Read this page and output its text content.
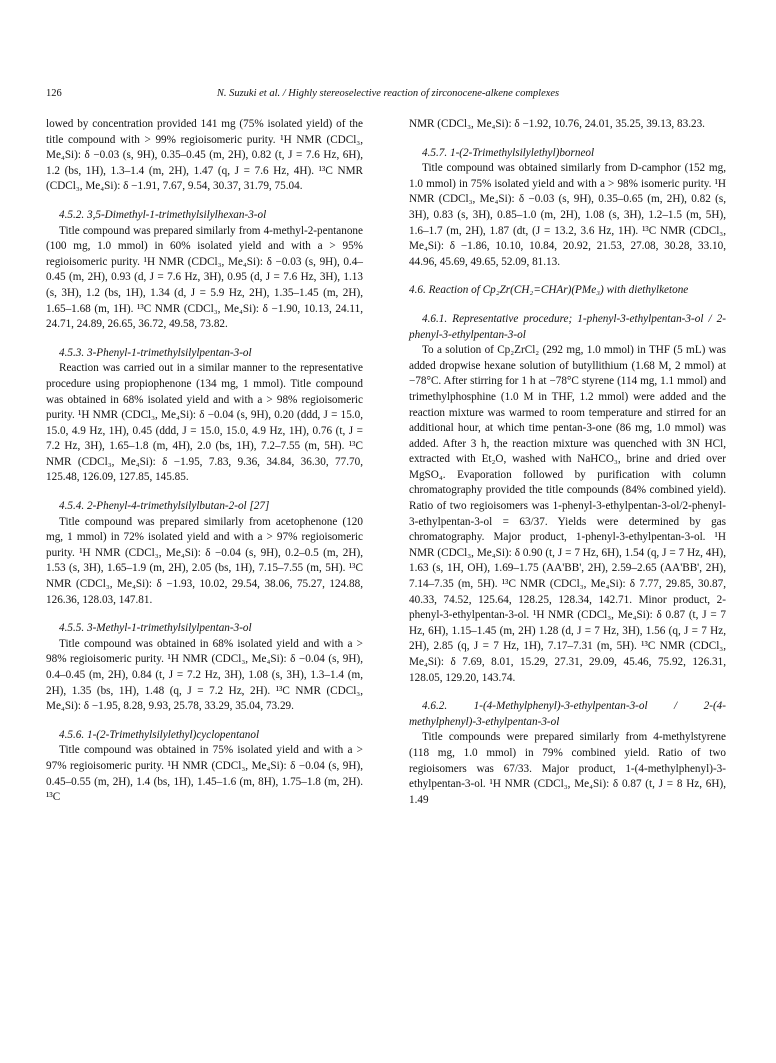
126	N. Suzuki et al. / Highly stereoselective reaction of zirconocene-alkene complexes

lowed by concentration provided 141 mg (75% isolated yield) of the title compound with > 99% regioisomeric purity. ¹H NMR (CDCl₃, Me₄Si): δ −0.03 (s, 9H), 0.35–0.45 (m, 2H), 0.82 (t, J = 7.6 Hz, 6H), 1.2 (bs, 1H), 1.3–1.4 (m, 2H), 1.47 (q, J = 7.6 Hz, 4H). ¹³C NMR (CDCl₃, Me₄Si): δ −1.91, 7.67, 9.54, 30.37, 31.79, 75.04.

4.5.2. 3,5-Dimethyl-1-trimethylsilylhexan-3-ol

Title compound was prepared similarly from 4-methyl-2-pentanone (100 mg, 1.0 mmol) in 60% isolated yield and with a > 95% regioisomeric purity. ¹H NMR (CDCl₃, Me₄Si): δ −0.03 (s, 9H), 0.4–0.45 (m, 2H), 0.93 (d, J = 7.6 Hz, 3H), 0.95 (d, J = 7.6 Hz, 3H), 1.13 (s, 3H), 1.2 (bs, 1H), 1.34 (d, J = 5.9 Hz, 2H), 1.35–1.45 (m, 2H), 1.65–1.68 (m, 1H). ¹³C NMR (CDCl₃, Me₄Si): δ −1.90, 10.13, 24.11, 24.71, 24.89, 26.65, 36.72, 49.58, 73.82.

4.5.3. 3-Phenyl-1-trimethylsilylpentan-3-ol

Reaction was carried out in a similar manner to the representative procedure using propiophenone (134 mg, 1 mmol). Title compound was obtained in 68% isolated yield and with a > 98% regioisomeric purity. ¹H NMR (CDCl₃, Me₄Si): δ −0.04 (s, 9H), 0.20 (ddd, J = 15.0, 15.0, 4.9 Hz, 1H), 0.45 (ddd, J = 15.0, 15.0, 4.9 Hz, 1H), 0.76 (t, J = 7.2 Hz, 3H), 1.65–1.8 (m, 4H), 2.0 (bs, 1H), 7.2–7.55 (m, 5H). ¹³C NMR (CDCl₃, Me₄Si): δ −1.95, 7.83, 9.36, 34.84, 36.30, 77.70, 125.48, 126.09, 127.85, 145.85.

4.5.4. 2-Phenyl-4-trimethylsilylbutan-2-ol [27]

Title compound was prepared similarly from acetophenone (120 mg, 1 mmol) in 72% isolated yield and with a > 97% regioisomeric purity. ¹H NMR (CDCl₃, Me₄Si): δ −0.04 (s, 9H), 0.2–0.5 (m, 2H), 1.53 (s, 3H), 1.65–1.9 (m, 2H), 2.05 (bs, 1H), 7.15–7.55 (m, 5H). ¹³C NMR (CDCl₃, Me₄Si): δ −1.93, 10.02, 29.54, 38.06, 75.27, 124.88, 126.36, 128.03, 147.81.

4.5.5. 3-Methyl-1-trimethylsilylpentan-3-ol

Title compound was obtained in 68% isolated yield and with a > 98% regioisomeric purity. ¹H NMR (CDCl₃, Me₄Si): δ −0.04 (s, 9H), 0.4–0.45 (m, 2H), 0.84 (t, J = 7.2 Hz, 3H), 1.08 (s, 3H), 1.3–1.4 (m, 2H), 1.35 (bs, 1H), 1.48 (q, J = 7.2 Hz, 2H). ¹³C NMR (CDCl₃, Me₄Si): δ −1.95, 8.28, 9.93, 25.78, 33.29, 35.04, 73.29.

4.5.6. 1-(2-Trimethylsilylethyl)cyclopentanol

Title compound was obtained in 75% isolated yield and with a > 97% regioisomeric purity. ¹H NMR (CDCl₃, Me₄Si): δ −0.04 (s, 9H), 0.45–0.55 (m, 2H), 1.4 (bs, 1H), 1.45–1.6 (m, 8H), 1.75–1.8 (m, 2H). ¹³C

NMR (CDCl₃, Me₄Si): δ −1.92, 10.76, 24.01, 35.25, 39.13, 83.23.

4.5.7. 1-(2-Trimethylsilylethyl)borneol

Title compound was obtained similarly from D-camphor (152 mg, 1.0 mmol) in 75% isolated yield and with a > 98% isomeric purity. ¹H NMR (CDCl₃, Me₄Si): δ −0.03 (s, 9H), 0.35–0.65 (m, 2H), 0.82 (s, 3H), 0.83 (s, 3H), 0.85–1.0 (m, 2H), 1.08 (s, 3H), 1.2–1.5 (m, 5H), 1.6–1.7 (m, 2H), 1.87 (dt, (J = 13.2, 3.6 Hz, 1H). ¹³C NMR (CDCl₃, Me₄Si): δ −1.86, 10.10, 10.84, 20.92, 21.53, 27.08, 30.28, 33.10, 44.96, 45.69, 49.65, 52.09, 81.13.

4.6. Reaction of Cp₂Zr(CH₂=CHAr)(PMe₃) with diethylketone

4.6.1. Representative procedure; 1-phenyl-3-ethylpentan-3-ol / 2-phenyl-3-ethylpentan-3-ol

To a solution of Cp₂ZrCl₂ (292 mg, 1.0 mmol) in THF (5 mL) was added dropwise hexane solution of butyllithium (1.68 M, 2 mmol) at −78°C. After stirring for 1 h at −78°C styrene (114 mg, 1.1 mmol) and trimethylphosphine (1.0 M in THF, 1.2 mmol) were added and the reaction mixture was warmed to room temperature and stirred for an additional hour, at which time pentan-3-one (86 mg, 1.0 mmol) was added. After 3 h, the reaction mixture was quenched with 3N HCl, extracted with Et₂O, washed with NaHCO₃, brine and dried over MgSO₄. Evaporation followed by purification with column chromatography provided the title compounds (84% combined yield). Ratio of two regioisomers was 1-phenyl-3-ethylpentan-3-ol/2-phenyl-3-ethylpentan-3-ol = 63/37. Yields were determined by gas chromatography. Major product, 1-phenyl-3-ethylpentan-3-ol. ¹H NMR (CDCl₃, Me₄Si): δ 0.90 (t, J = 7 Hz, 6H), 1.54 (q, J = 7 Hz, 4H), 1.63 (s, 1H, OH), 1.69–1.75 (AA'BB', 2H), 2.59–2.65 (AA'BB', 2H), 7.14–7.35 (m, 5H). ¹³C NMR (CDCl₃, Me₄Si): δ 7.77, 29.85, 30.87, 40.33, 74.52, 125.64, 128.25, 128.34, 142.71. Minor product, 2-phenyl-3-ethylpentan-3-ol. ¹H NMR (CDCl₃, Me₄Si): δ 0.87 (t, J = 7 Hz, 6H), 1.15–1.45 (m, 2H) 1.28 (d, J = 7 Hz, 3H), 1.56 (q, J = 7 Hz, 2H), 2.85 (q, J = 7 Hz, 1H), 7.17–7.31 (m, 5H). ¹³C NMR (CDCl₃, Me₄Si): δ 7.69, 8.01, 15.29, 27.31, 29.09, 45.46, 75.92, 126.31, 128.05, 129.20, 143.74.

4.6.2. 1-(4-Methylphenyl)-3-ethylpentan-3-ol / 2-(4-methylphenyl)-3-ethylpentan-3-ol

Title compounds were prepared similarly from 4-methylstyrene (118 mg, 1.0 mmol) in 79% combined yield. Ratio of two regioisomers was 67/33. Major product, 1-(4-methylphenyl)-3-ethylpentan-3-ol. ¹H NMR (CDCl₃, Me₄Si): δ 0.87 (t, J = 8 Hz, 6H), 1.49
